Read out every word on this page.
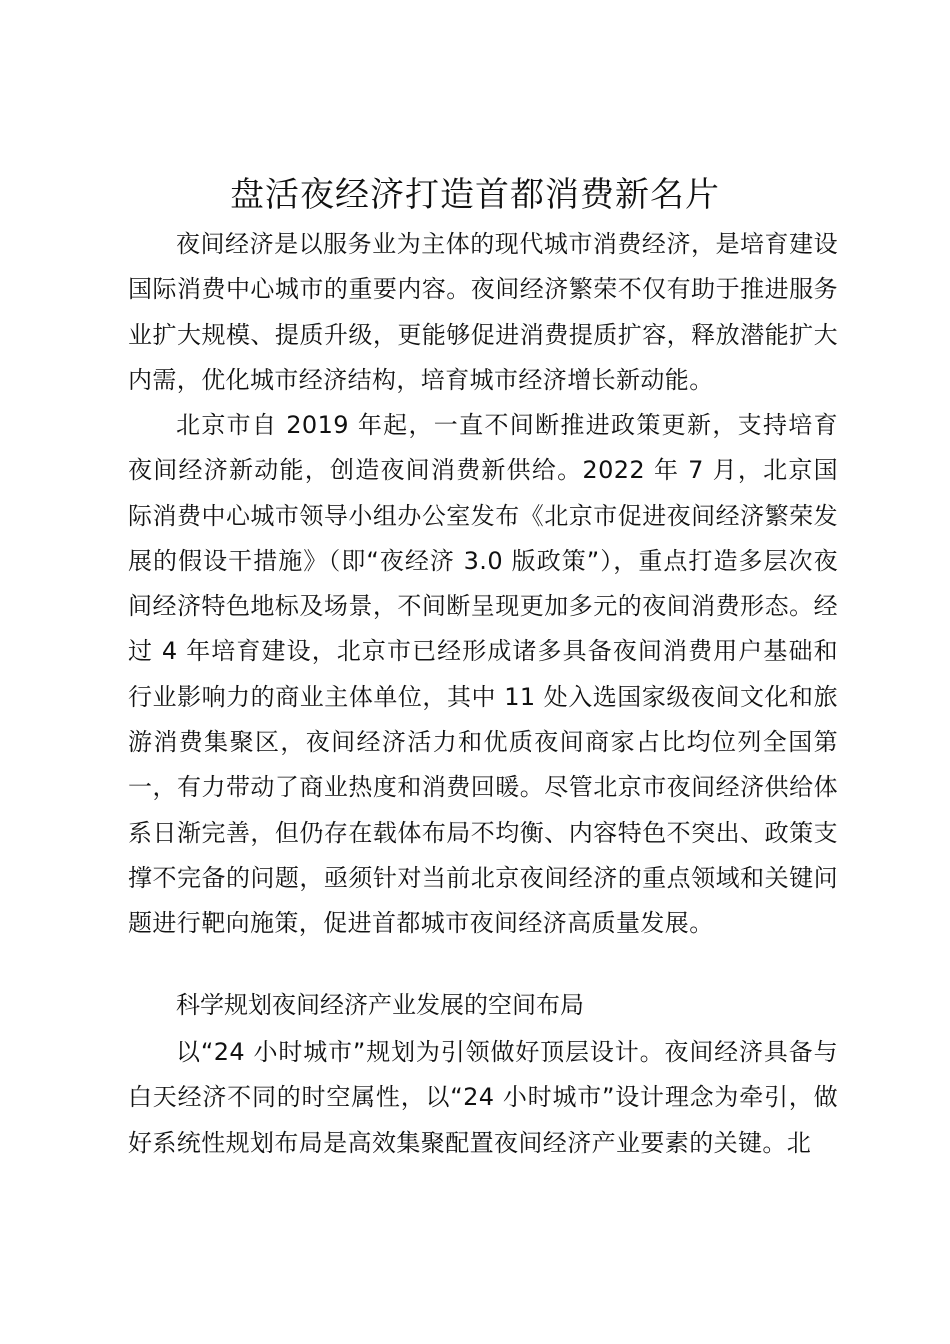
盘活夜经济打造首都消费新名片
夜间经济是以服务业为主体的现代城市消费经济，是培育建设国际消费中心城市的重要内容。夜间经济繁荣不仅有助于推进服务业扩大规模、提质升级，更能够促进消费提质扩容，释放潜能扩大内需，优化城市经济结构，培育城市经济增长新动能。
北京市自 2019 年起，一直不间断推进政策更新，支持培育夜间经济新动能，创造夜间消费新供给。2022 年 7 月，北京国际消费中心城市领导小组办公室发布《北京市促进夜间经济繁荣发展的假设干措施》（即“夜经济 3.0 版政策”），重点打造多层次夜间经济特色地标及场景，不间断呈现更加多元的夜间消费形态。经过 4 年培育建设，北京市已经形成诸多具备夜间消费用户基础和行业影响力的商业主体单位，其中 11 处入选国家级夜间文化和旅游消费集聚区，夜间经济活力和优质夜间商家占比均位列全国第一，有力带动了商业热度和消费回暖。尽管北京市夜间经济供给体系日渐完善，但仍存在载体布局不均衡、内容特色不突出、政策支撑不完备的问题，亟须针对当前北京夜间经济的重点领域和关键问题进行靶向施策，促进首都城市夜间经济高质量发展。
科学规划夜间经济产业发展的空间布局
以“24 小时城市”规划为引领做好顶层设计。夜间经济具备与白天经济不同的时空属性，以“24 小时城市”设计理念为牵引，做好系统性规划布局是高效集聚配置夜间经济产业要素的关键。北
